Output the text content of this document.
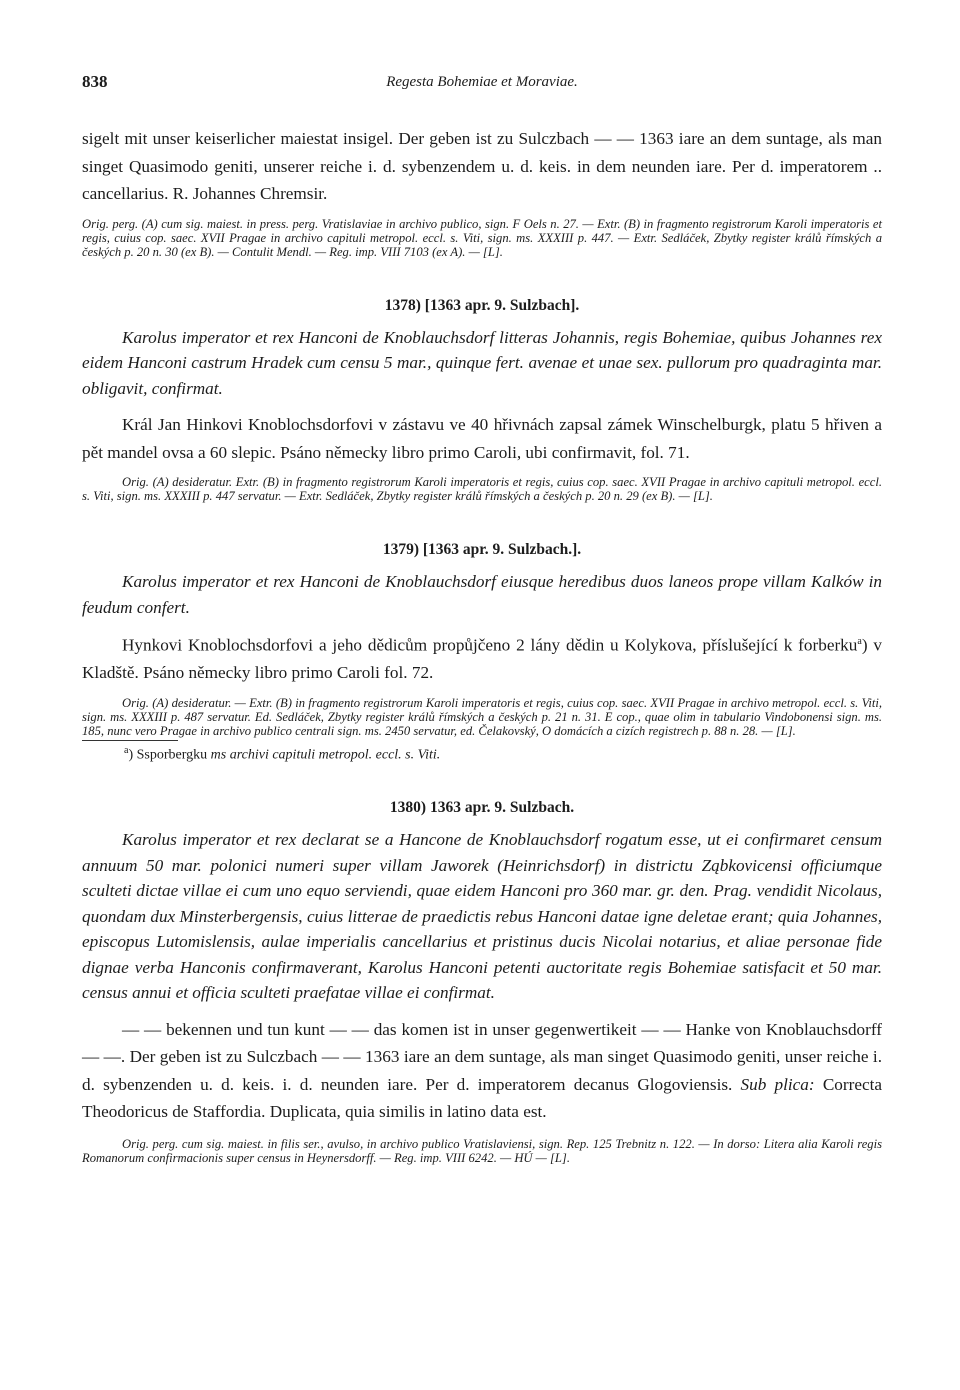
838	Regesta Bohemiae et Moraviae.

sigelt mit unser keiserlicher maiestat insigel. Der geben ist zu Sulczbach — — 1363 iare an dem suntage, als man singet Quasimodo geniti, unserer reiche i. d. sybenzendem u. d. keis. in dem neunden iare. Per d. imperatorem .. cancellarius. R. Johannes Chremsir.

Orig. perg. (A) cum sig. maiest. in press. perg. Vratislaviae in archivo publico, sign. F Oels n. 27. — Extr. (B) in fragmento registrorum Karoli imperatoris et regis, cuius cop. saec. XVII Pragae in archivo capituli metropol. eccl. s. Viti, sign. ms. XXXIII p. 447. — Extr. Sedláček, Zbytky register králů římských a českých p. 20 n. 30 (ex B). — Contulit Mendl. — Reg. imp. VIII 7103 (ex A). — [L].

1378) [1363 apr. 9. Sulzbach].

Karolus imperator et rex Hanconi de Knoblauchsdorf litteras Johannis, regis Bohemiae, quibus Johannes rex eidem Hanconi castrum Hradek cum censu 5 mar., quinque fert. avenae et unae sex. pullorum pro quadraginta mar. obligavit, confirmat.

Král Jan Hinkovi Knoblochsdorfovi v zástavu ve 40 hřivnách zapsal zámek Winschelburgk, platu 5 hřiven a pět mandel ovsa a 60 slepic. Psáno německy libro primo Caroli, ubi confirmavit, fol. 71.

Orig. (A) desideratur. Extr. (B) in fragmento registrorum Karoli imperatoris et regis, cuius cop. saec. XVII Pragae in archivo capituli metropol. eccl. s. Viti, sign. ms. XXXIII p. 447 servatur. — Extr. Sedláček, Zbytky register králů římských a českých p. 20 n. 29 (ex B). — [L].

1379) [1363 apr. 9. Sulzbach.].

Karolus imperator et rex Hanconi de Knoblauchsdorf eiusque heredibus duos laneos prope villam Kalków in feudum confert.

Hynkovi Knoblochsdorfovi a jeho dědicům propůjčeno 2 lány dědin u Kolykova, příslušející k forberku$^a$) v Kladště. Psáno německy libro primo Caroli fol. 72.

Orig. (A) desideratur. — Extr. (B) in fragmento registrorum Karoli imperatoris et regis, cuius cop. saec. XVII Pragae in archivo metropol. eccl. s. Viti, sign. ms. XXXIII p. 487 servatur. Ed. Sedláček, Zbytky register králů římských a českých p. 21 n. 31. E cop., quae olim in tabulario Vindobonensi sign. ms. 185, nunc vero Pragae in archivo publico centrali sign. ms. 2450 servatur, ed. Čelakovský, O domácích a cizích registrech p. 88 n. 28. — [L].

$^a$) Ssporbergku ms archivi capituli metropol. eccl. s. Viti.

1380) 1363 apr. 9. Sulzbach.

Karolus imperator et rex declarat se a Hancone de Knoblauchsdorf rogatum esse, ut ei confirmaret censum annuum 50 mar. polonici numeri super villam Jaworek (Heinrichsdorf) in districtu Ząbkovicensi officiumque sculteti dictae villae ei cum uno equo serviendi, quae eidem Hanconi pro 360 mar. gr. den. Prag. vendidit Nicolaus, quondam dux Minsterbergensis, cuius litterae de praedictis rebus Hanconi datae igne deletae erant; quia Johannes, episcopus Lutomislensis, aulae imperialis cancellarius et pristinus ducis Nicolai notarius, et aliae personae fide dignae verba Hanconis confirmaverant, Karolus Hanconi petenti auctoritate regis Bohemiae satisfacit et 50 mar. census annui et officia sculteti praefatae villae ei confirmat.

— — bekennen und tun kunt — — das komen ist in unser gegenwertikeit — — Hanke von Knoblauchsdorff — —. Der geben ist zu Sulczbach — — 1363 iare an dem suntage, als man singet Quasimodo geniti, unser reiche i. d. sybenzenden u. d. keis. i. d. neunden iare. Per d. imperatorem decanus Glogoviensis. Sub plica: Correcta Theodoricus de Staffordia. Duplicata, quia similis in latino data est.

Orig. perg. cum sig. maiest. in filis ser., avulso, in archivo publico Vratislaviensi, sign. Rep. 125 Trebnitz n. 122. — In dorso: Litera alia Karoli regis Romanorum confirmacionis super census in Heynersdorff. — Reg. imp. VIII 6242. — HÚ — [L].
